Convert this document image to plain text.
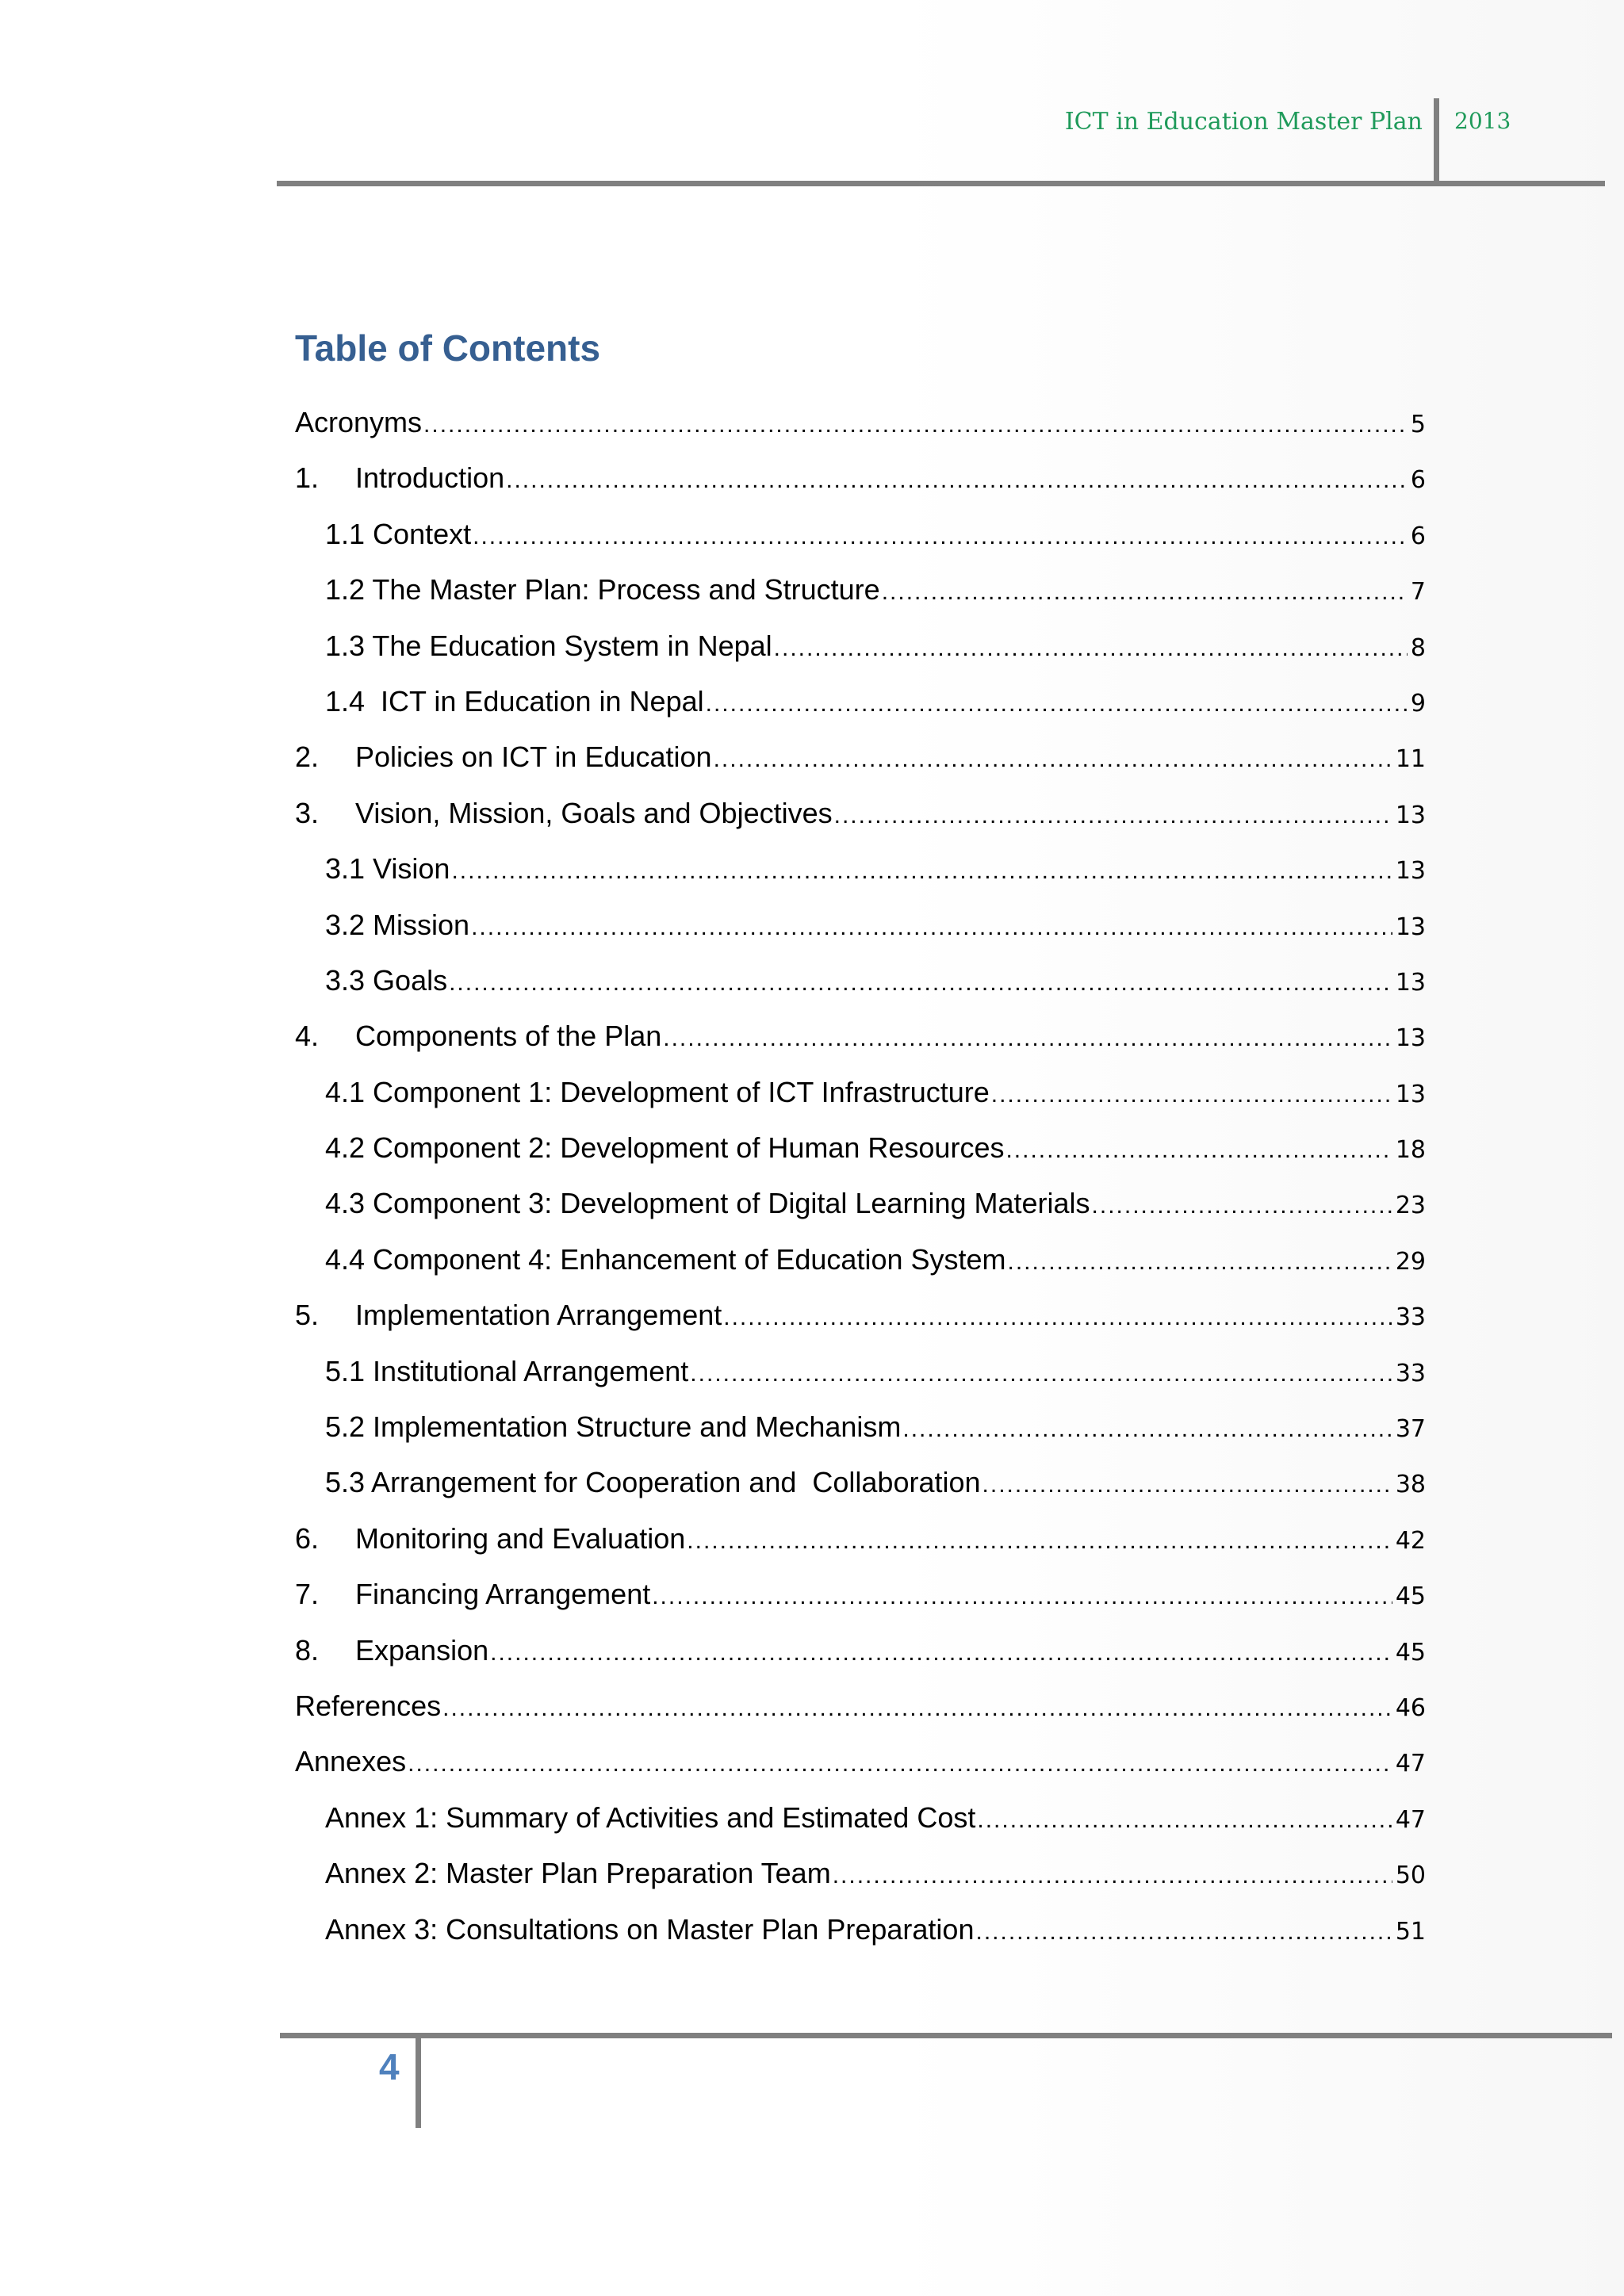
ICT in Education Master Plan 2013
Table of Contents
Acronyms .....	5
1.	Introduction .....	6
1.1 Context .....	6
1.2 The Master Plan: Process and Structure .....	7
1.3 The Education System in Nepal .....	8
1.4  ICT in Education in Nepal .....	9
2.	Policies on ICT in Education .....	11
3.	Vision, Mission, Goals and Objectives .....	13
3.1 Vision .....	13
3.2 Mission .....	13
3.3 Goals .....	13
4.	Components of the Plan .....	13
4.1 Component 1: Development of ICT Infrastructure .....	13
4.2 Component 2: Development of Human Resources .....	18
4.3 Component 3: Development of Digital Learning Materials .....	23
4.4 Component 4: Enhancement of Education System .....	29
5.	Implementation Arrangement .....	33
5.1 Institutional Arrangement .....	33
5.2 Implementation Structure and Mechanism .....	37
5.3 Arrangement for Cooperation and  Collaboration .....	38
6.	Monitoring and Evaluation .....	42
7.	Financing Arrangement .....	45
8.	Expansion .....	45
References .....	46
Annexes .....	47
Annex 1: Summary of Activities and Estimated Cost .....	47
Annex 2: Master Plan Preparation Team .....	50
Annex 3: Consultations on Master Plan Preparation .....	51
4
